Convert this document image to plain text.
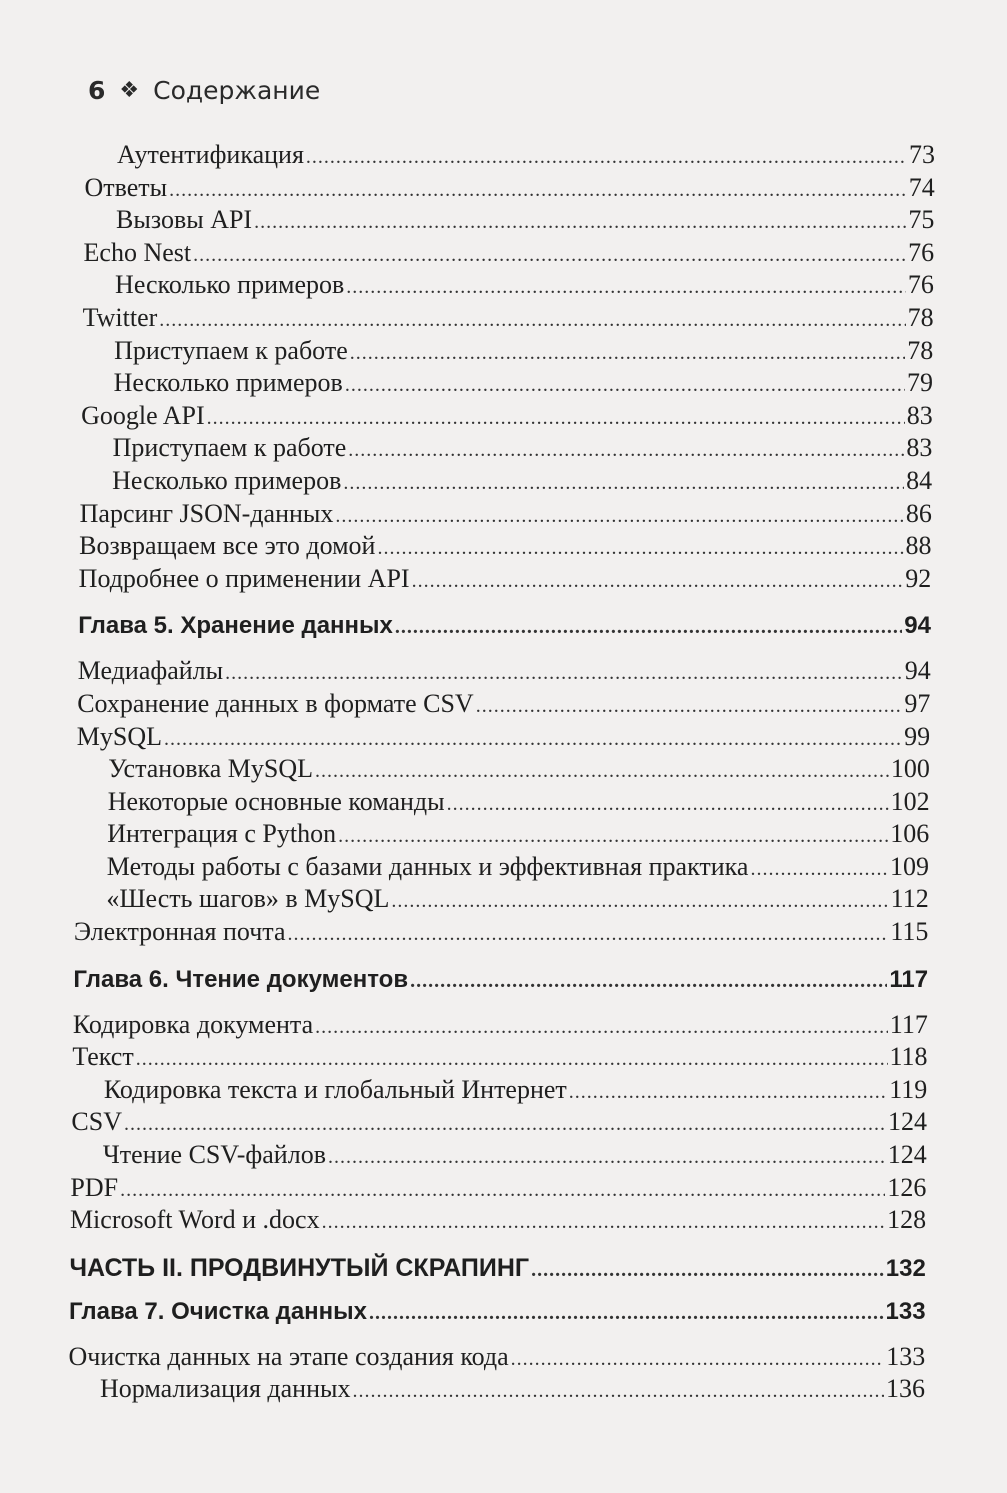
6 ❖ Содержание
Аутентификация .....	73
Ответы .....	74
Вызовы API .....	75
Echo Nest .....	76
Несколько примеров .....	76
Twitter .....	78
Приступаем к работе .....	78
Несколько примеров .....	79
Google API .....	83
Приступаем к работе .....	83
Несколько примеров .....	84
Парсинг JSON-данных .....	86
Возвращаем все это домой .....	88
Подробнее о применении API .....	92
Глава 5. Хранение данных .....	94
Медиафайлы .....	94
Сохранение данных в формате CSV .....	97
MySQL .....	99
Установка MySQL .....	100
Некоторые основные команды .....	102
Интеграция с Python .....	106
Методы работы с базами данных и эффективная практика .....	109
«Шесть шагов» в MySQL .....	112
Электронная почта .....	115
Глава 6. Чтение документов .....	117
Кодировка документа .....	117
Текст .....	118
Кодировка текста и глобальный Интернет .....	119
CSV .....	124
Чтение CSV-файлов .....	124
PDF .....	126
Microsoft Word и .docx .....	128
ЧАСТЬ II. ПРОДВИНУТЫЙ СКРАПИНГ .....	132
Глава 7. Очистка данных .....	133
Очистка данных на этапе создания кода .....	133
Нормализация данных .....	136
